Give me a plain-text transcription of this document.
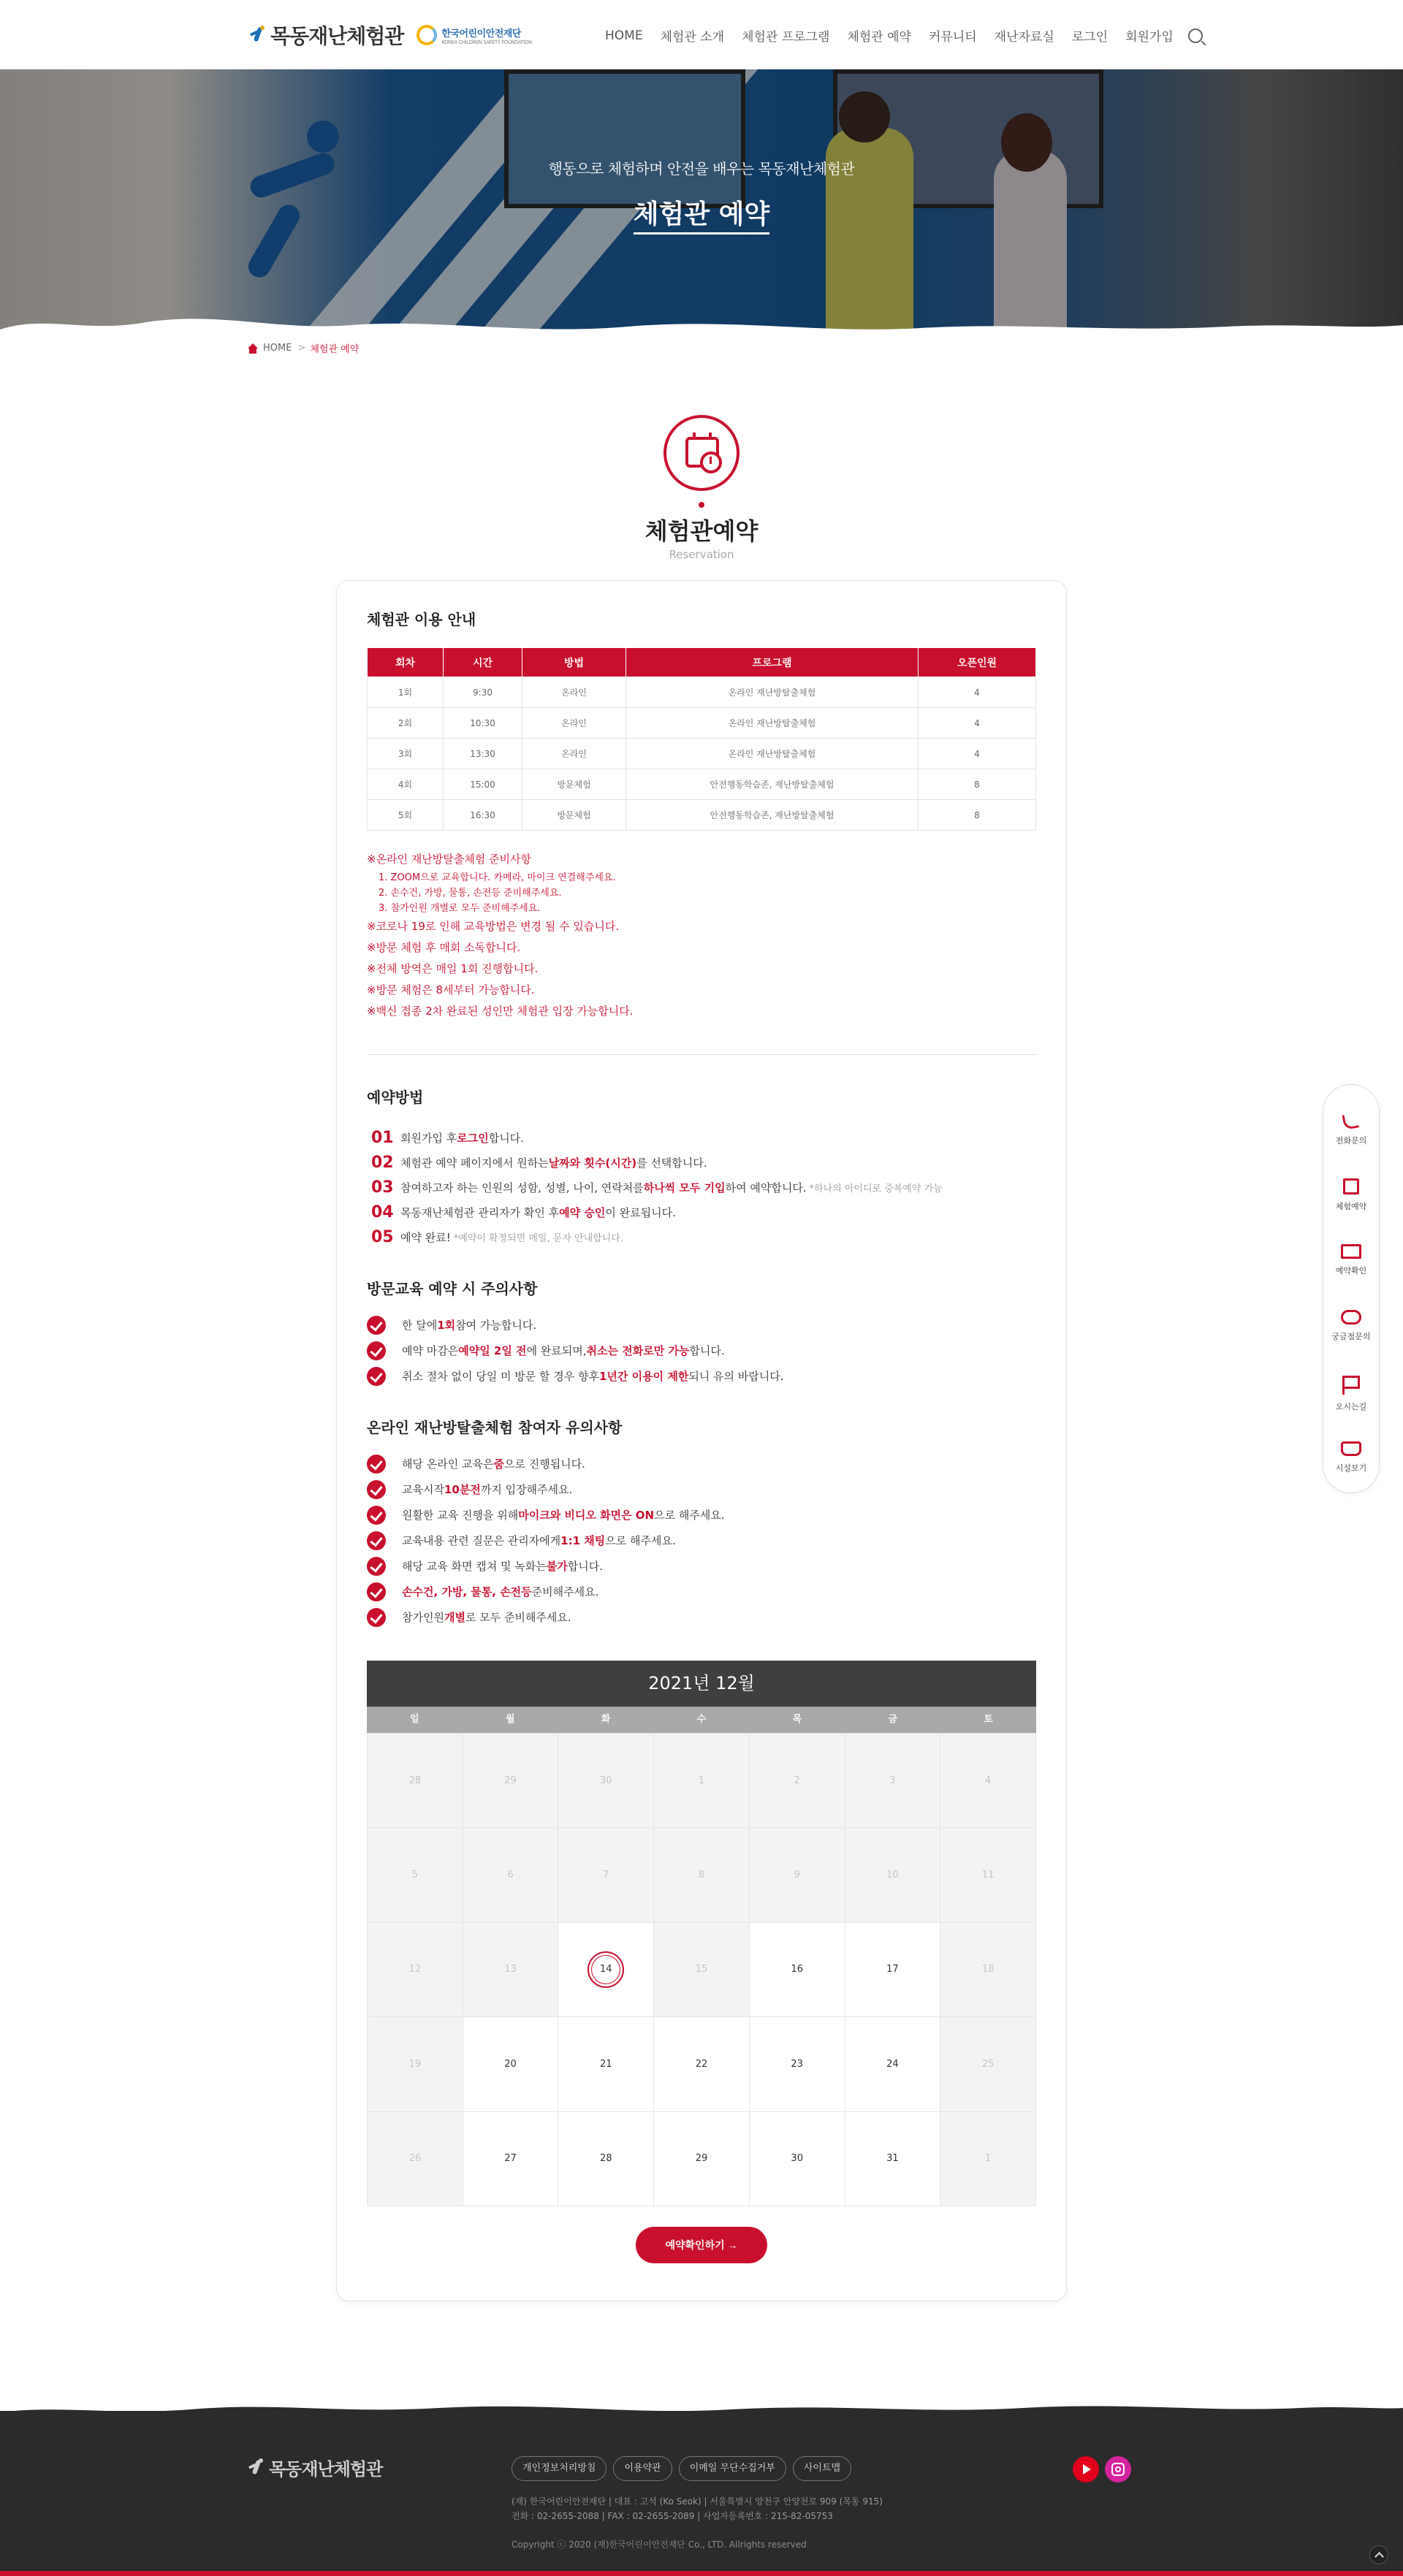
목동재난체험관	한국어린이안전재단
KOREA CHILDREN SAFETY FOUNDATION	HOME 체험관 소개 체험관 프로그램 체험관 예약 커뮤니티 재난자료실 로그인 회원가입
행동으로 체험하며 안전을 배우는 목동재난체험관
체험관 예약
HOME > 체험관 예약
체험관예약
Reservation
체험관 이용 안내
회차	시간	방법	프로그램	오픈인원
1회	9:30	온라인	온라인 재난방탈출체험	4
2회	10:30	온라인	온라인 재난방탈출체험	4
3회	13:30	온라인	온라인 재난방탈출체험	4
4회	15:00	방문체험	안전행동학습존, 재난방탈출체험	8
5회	16:30	방문체험	안전행동학습존, 재난방탈출체험	8
※온라인 재난방탈출체험 준비사항
1. ZOOM으로 교육합니다. 카메라, 마이크 연결해주세요.
2. 손수건, 가방, 물통, 손전등 준비해주세요.
3. 참가인원 개별로 모두 준비해주세요.
※코로나 19로 인해 교육방법은 변경 될 수 있습니다.
※방문 체험 후 매회 소독합니다.
※전체 방역은 매일 1회 진행합니다.
※방문 체험은 8세부터 가능합니다.
※백신 접종 2차 완료된 성인만 체험관 입장 가능합니다.
예약방법
01 회원가입 후 로그인 합니다.
02 체험관 예약 페이지에서 원하는 날짜와 횟수(시간) 를 선택합니다.
03 참여하고자 하는 인원의 성함, 성별, 나이, 연락처를 하나씩 모두 기입 하여 예약합니다. *하나의 아이디로 중복예약 가능
04 목동재난체험관 관리자가 확인 후 예약 승인 이 완료됩니다.
05 예약 완료! *예약이 확정되면 메일, 문자 안내합니다.
방문교육 예약 시 주의사항
한 달에 1회 참여 가능합니다.
예약 마감은 예약일 2일 전 에 완료되며, 취소는 전화로만 가능 합니다.
취소 절차 없이 당일 미 방문 할 경우 향후 1년간 이용이 제한 되니 유의 바랍니다.
온라인 재난방탈출체험 참여자 유의사항
해당 온라인 교육은 줌 으로 진행됩니다.
교육시작 10분전 까지 입장해주세요.
원활한 교육 진행을 위해 마이크와 비디오 화면은 ON 으로 해주세요.
교육내용 관련 질문은 관리자에게 1:1 채팅 으로 해주세요.
해당 교육 화면 캡쳐 및 녹화는 불가 합니다.
손수건, 가방, 물통, 손전등 준비해주세요.
참가인원 개별 로 모두 준비해주세요.
2021년 12월
일	월	화	수	목	금	토
28	29	30	1	2	3	4
5	6	7	8	9	10	11
12	13	14	15	16	17	18
19	20	21	22	23	24	25
26	27	28	29	30	31	1
예약확인하기 →
전화문의
체험예약
예약확인
궁금점문의
오시는길
시설보기
목동재난체험관	개인정보처리방침	이용약관	이메일 무단수집거부	사이트맵
(재) 한국어린이안전재단 | 대표 : 고석 (Ko Seok) | 서울특별시 양천구 안양천로 909 (목동 915)
전화 : 02-2655-2088 | FAX : 02-2655-2089 | 사업자등록번호 : 215-82-05753
Copyright ⓒ 2020 (재)한국어린이안전재단 Co., LTD. Allrights reserved
